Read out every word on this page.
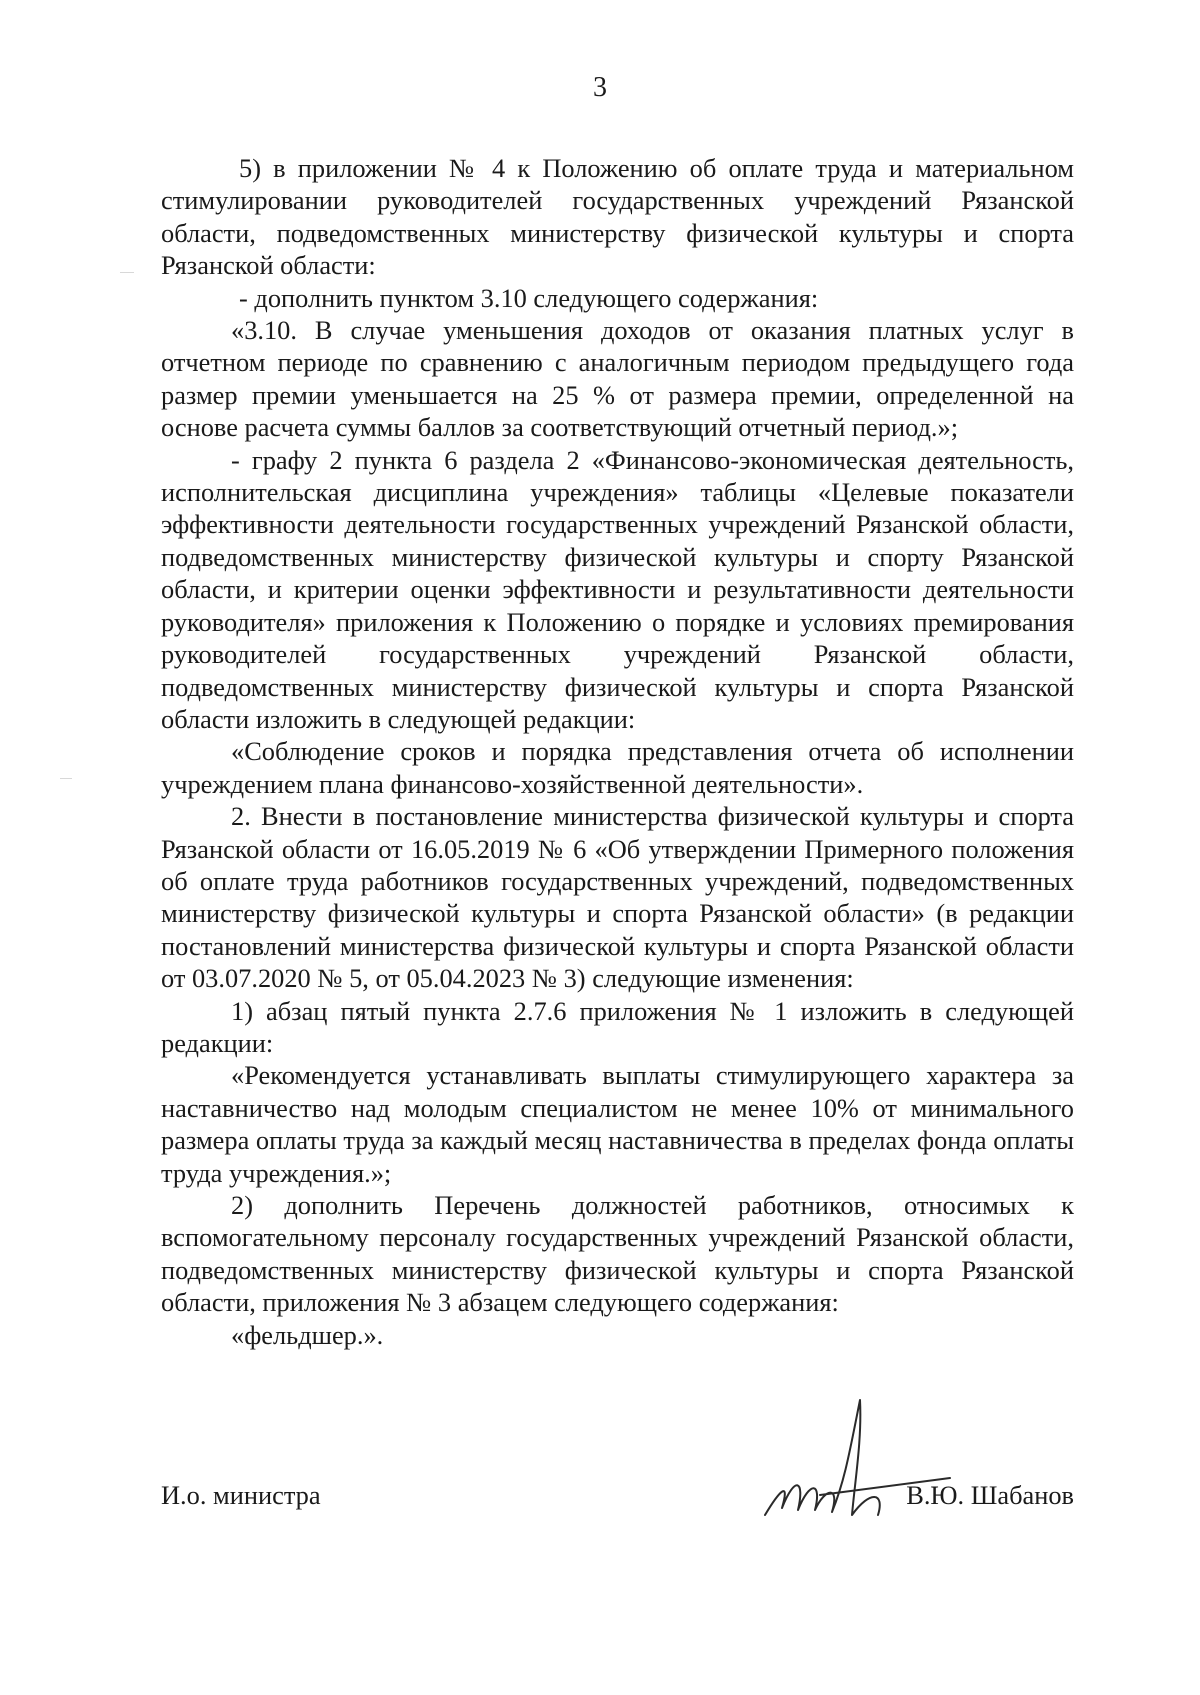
3

5) в приложении № 4 к Положению об оплате труда и материальном стимулировании руководителей государственных учреждений Рязанской области, подведомственных министерству физической культуры и спорта Рязанской области:

- дополнить пунктом 3.10 следующего содержания:

«3.10. В случае уменьшения доходов от оказания платных услуг в отчетном периоде по сравнению с аналогичным периодом предыдущего года размер премии уменьшается на 25 % от размера премии, определенной на основе расчета суммы баллов за соответствующий отчетный период.»;

- графу 2 пункта 6 раздела 2 «Финансово-экономическая деятельность, исполнительская дисциплина учреждения» таблицы «Целевые показатели эффективности деятельности государственных учреждений Рязанской области, подведомственных министерству физической культуры и спорту Рязанской области, и критерии оценки эффективности и результативности деятельности руководителя» приложения к Положению о порядке и условиях премирования руководителей государственных учреждений Рязанской области, подведомственных министерству физической культуры и спорта Рязанской области изложить в следующей редакции:

«Соблюдение сроков и порядка представления отчета об исполнении учреждением плана финансово-хозяйственной деятельности».

2. Внести в постановление министерства физической культуры и спорта Рязанской области от 16.05.2019 № 6 «Об утверждении Примерного положения об оплате труда работников государственных учреждений, подведомственных министерству физической культуры и спорта Рязанской области» (в редакции постановлений министерства физической культуры и спорта Рязанской области от 03.07.2020 № 5, от 05.04.2023 № 3) следующие изменения:

1) абзац пятый пункта 2.7.6 приложения № 1 изложить в следующей редакции:

«Рекомендуется устанавливать выплаты стимулирующего характера за наставничество над молодым специалистом не менее 10% от минимального размера оплаты труда за каждый месяц наставничества в пределах фонда оплаты труда учреждения.»;

2) дополнить Перечень должностей работников, относимых к вспомогательному персоналу государственных учреждений Рязанской области, подведомственных министерству физической культуры и спорта Рязанской области, приложения № 3 абзацем следующего содержания:

«фельдшер.».

И.о. министра	В.Ю. Шабанов
